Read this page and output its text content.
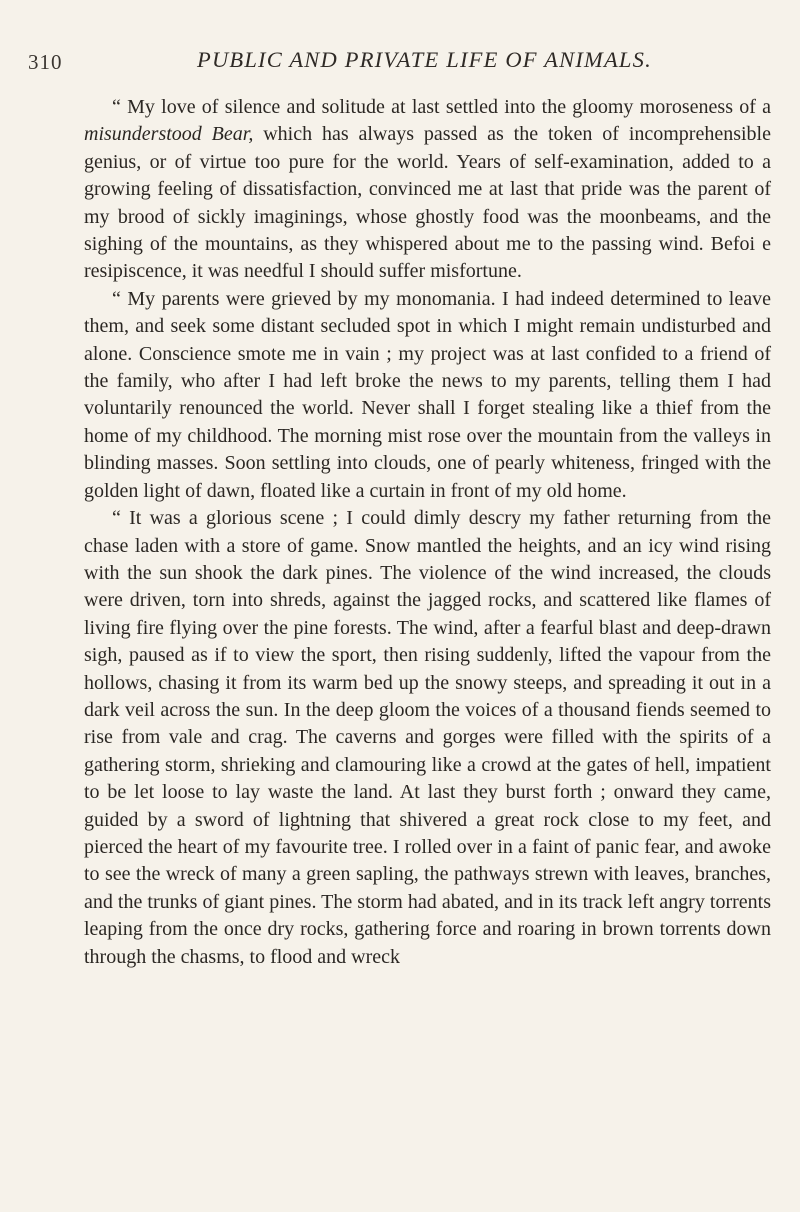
310	PUBLIC AND PRIVATE LIFE OF ANIMALS.

“ My love of silence and solitude at last settled into the gloomy moroseness of a misunderstood Bear, which has always passed as the token of incomprehensible genius, or of virtue too pure for the world. Years of self-examination, added to a growing feeling of dissatisfaction, convinced me at last that pride was the parent of my brood of sickly imaginings, whose ghostly food was the moonbeams, and the sighing of the mountains, as they whispered about me to the passing wind. Befoi e resipiscence, it was needful I should suffer misfortune.

“ My parents were grieved by my monomania. I had indeed determined to leave them, and seek some distant secluded spot in which I might remain undisturbed and alone. Conscience smote me in vain ; my project was at last confided to a friend of the family, who after I had left broke the news to my parents, telling them I had voluntarily renounced the world. Never shall I forget stealing like a thief from the home of my childhood. The morning mist rose over the mountain from the valleys in blinding masses. Soon settling into clouds, one of pearly whiteness, fringed with the golden light of dawn, floated like a curtain in front of my old home.

“ It was a glorious scene ; I could dimly descry my father returning from the chase laden with a store of game. Snow mantled the heights, and an icy wind rising with the sun shook the dark pines. The violence of the wind increased, the clouds were driven, torn into shreds, against the jagged rocks, and scattered like flames of living fire flying over the pine forests. The wind, after a fearful blast and deep-drawn sigh, paused as if to view the sport, then rising suddenly, lifted the vapour from the hollows, chasing it from its warm bed up the snowy steeps, and spreading it out in a dark veil across the sun. In the deep gloom the voices of a thousand fiends seemed to rise from vale and crag. The caverns and gorges were filled with the spirits of a gathering storm, shrieking and clamouring like a crowd at the gates of hell, impatient to be let loose to lay waste the land. At last they burst forth ; onward they came, guided by a sword of lightning that shivered a great rock close to my feet, and pierced the heart of my favourite tree. I rolled over in a faint of panic fear, and awoke to see the wreck of many a green sapling, the pathways strewn with leaves, branches, and the trunks of giant pines. The storm had abated, and in its track left angry torrents leaping from the once dry rocks, gathering force and roaring in brown torrents down through the chasms, to flood and wreck
